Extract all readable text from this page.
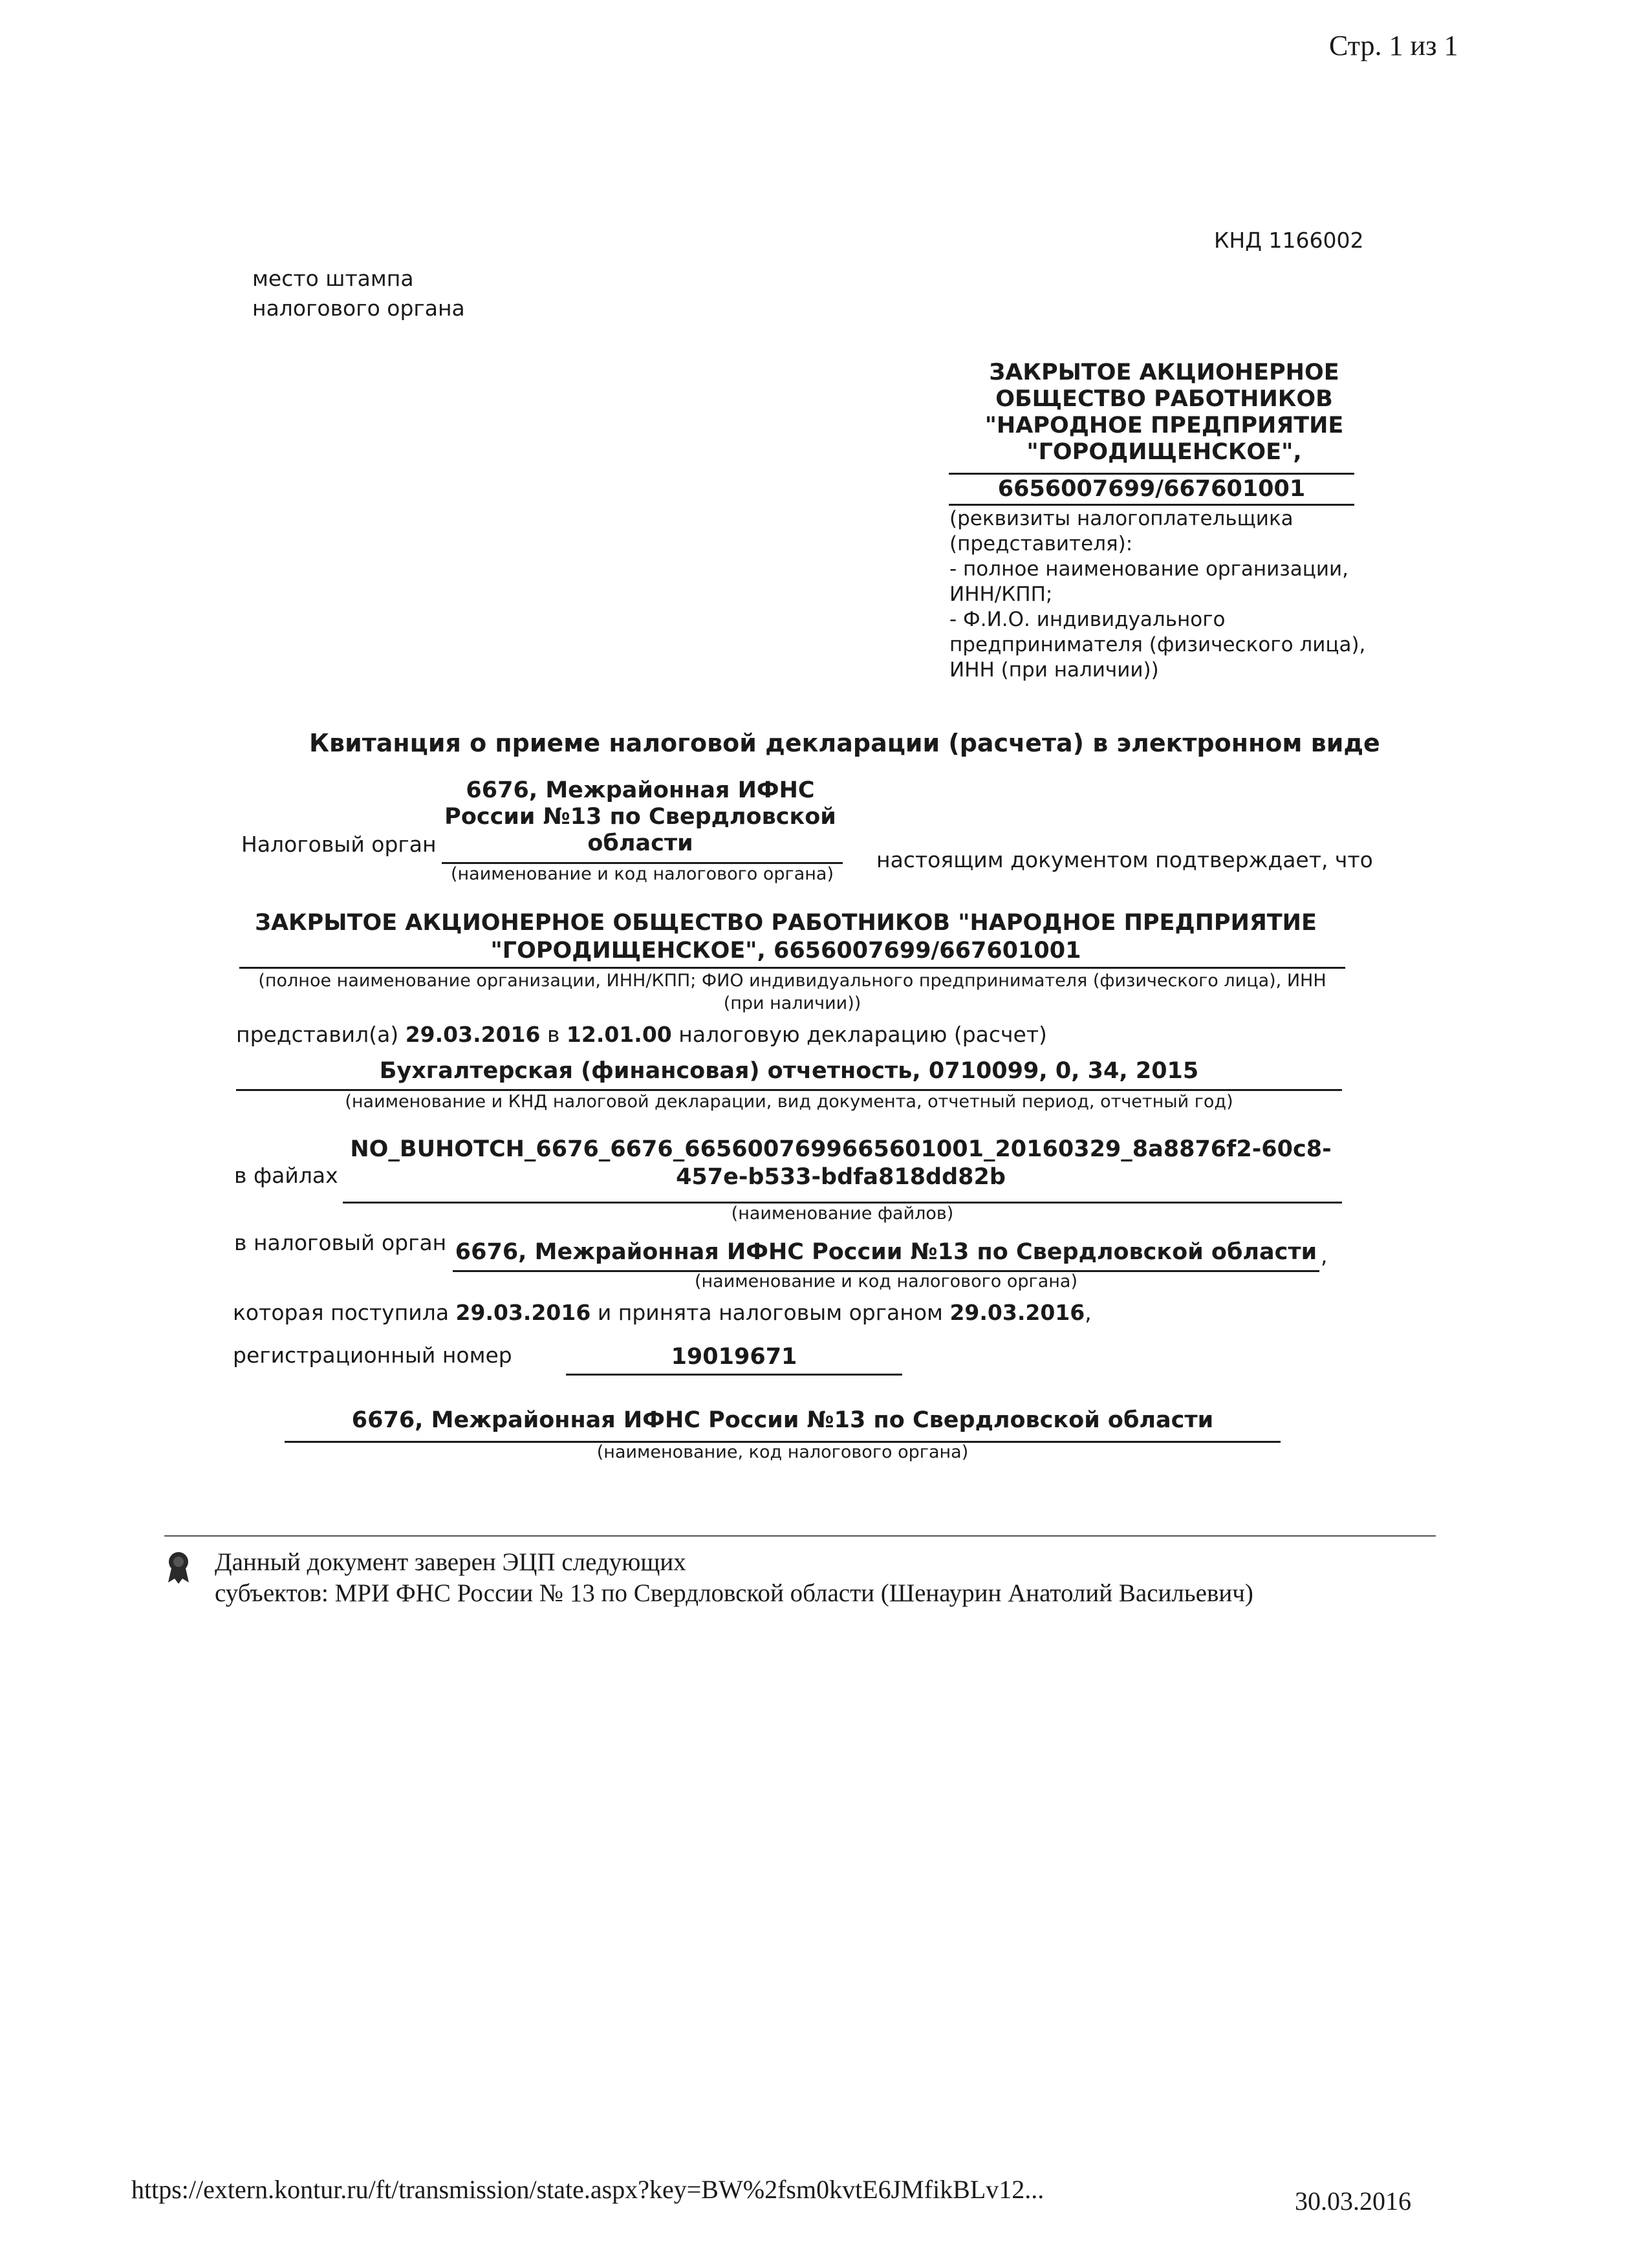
Стр. 1 из 1
КНД 1166002
место штампа
налогового органа
ЗАКРЫТОЕ АКЦИОНЕРНОЕ
ОБЩЕСТВО РАБОТНИКОВ
"НАРОДНОЕ ПРЕДПРИЯТИЕ
"ГОРОДИЩЕНСКОЕ",
6656007699/667601001
(реквизиты налогоплательщика
(представителя):
- полное наименование организации,
ИНН/КПП;
- Ф.И.О. индивидуального
предпринимателя (физического лица),
ИНН (при наличии))
Квитанция о приеме налоговой декларации (расчета) в электронном виде
6676, Межрайонная ИФНС
России №13 по Свердловской
области
Налоговый орган
(наименование и код налогового органа)
настоящим документом подтверждает, что
ЗАКРЫТОЕ АКЦИОНЕРНОЕ ОБЩЕСТВО РАБОТНИКОВ "НАРОДНОЕ ПРЕДПРИЯТИЕ
"ГОРОДИЩЕНСКОЕ", 6656007699/667601001
(полное наименование организации, ИНН/КПП; ФИО индивидуального предпринимателя (физического лица), ИНН
(при наличии))
представил(а) 29.03.2016 в 12.01.00 налоговую декларацию (расчет)
Бухгалтерская (финансовая) отчетность, 0710099, 0, 34, 2015
(наименование и КНД налоговой декларации, вид документа, отчетный период, отчетный год)
NO_BUHOTCH_6676_6676_6656007699665601001_20160329_8a8876f2-60c8-
457e-b533-bdfa818dd82b
в файлах
(наименование файлов)
в налоговый орган 6676, Межрайонная ИФНС России №13 по Свердловской области ,
(наименование и код налогового органа)
которая поступила 29.03.2016 и принята налоговым органом 29.03.2016,
регистрационный номер	19019671
6676, Межрайонная ИФНС России №13 по Свердловской области
(наименование, код налогового органа)
Данный документ заверен ЭЦП следующих
субъектов: МРИ ФНС России № 13 по Свердловской области (Шенаурин Анатолий Васильевич)
https://extern.kontur.ru/ft/transmission/state.aspx?key=BW%2fsm0kvtE6JMfikBLv12...	30.03.2016
